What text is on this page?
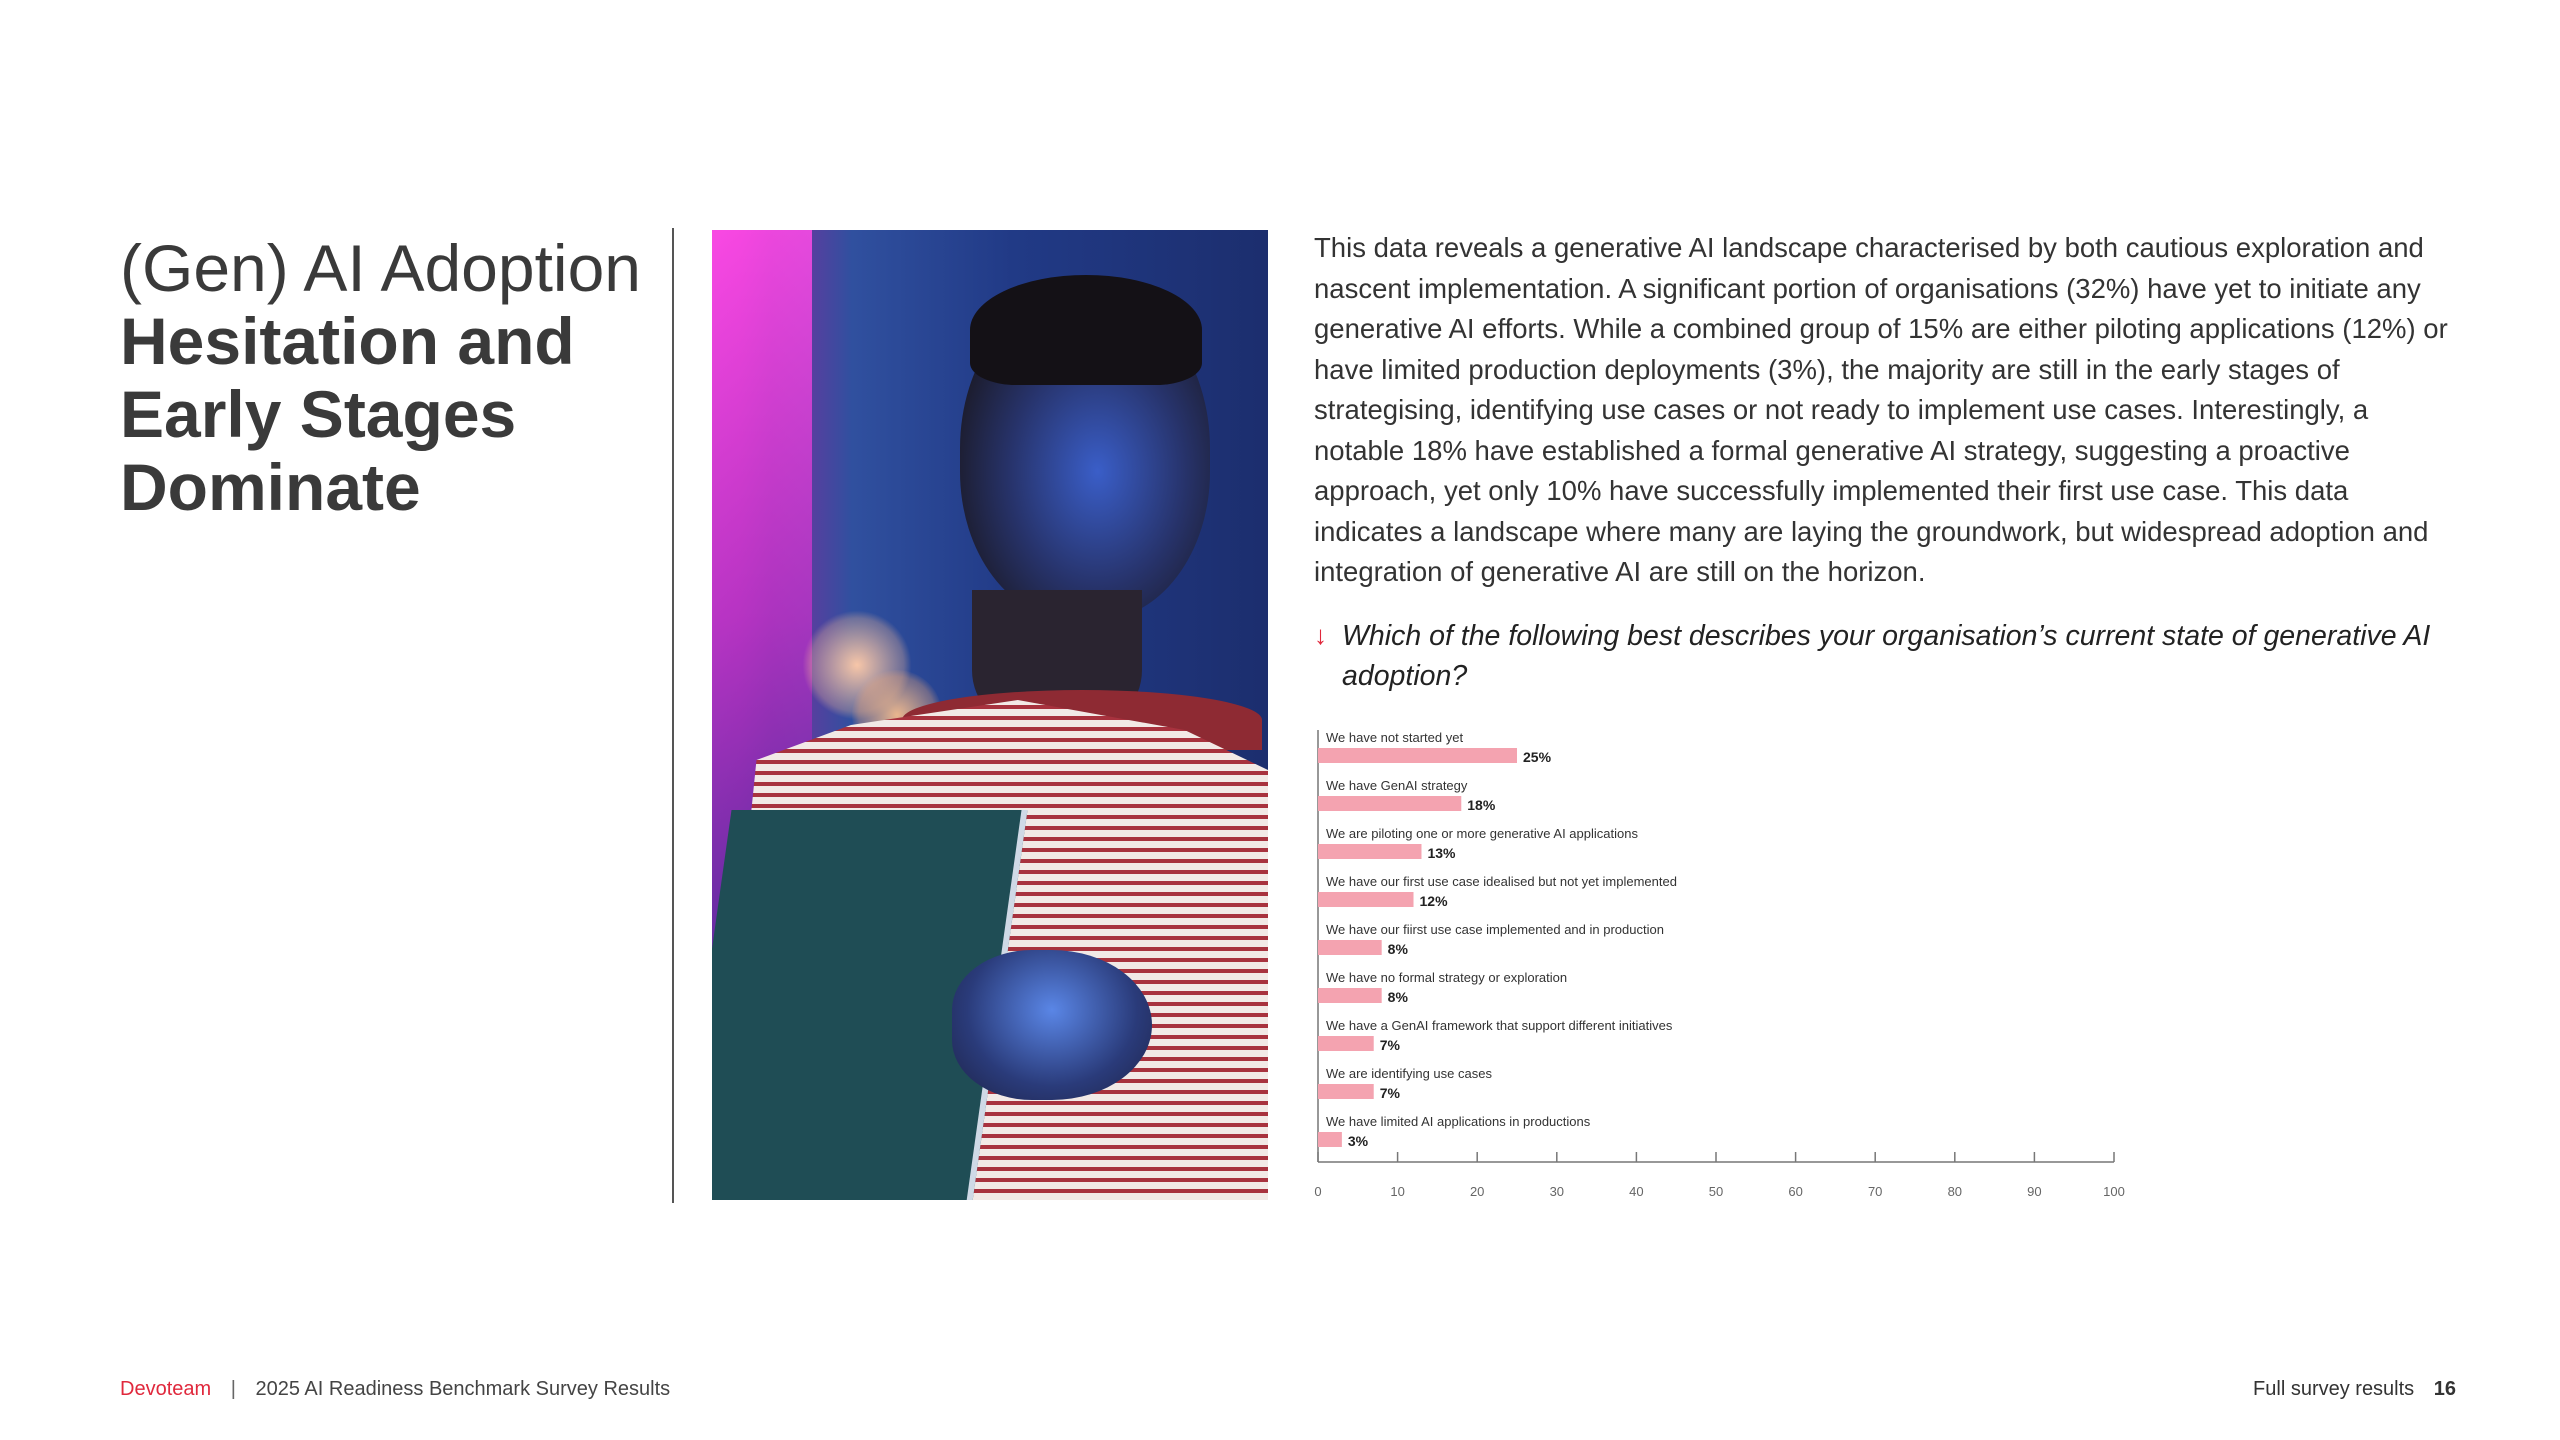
(Gen) AI Adoption
Hesitation and
Early Stages
Dominate
This data reveals a generative AI landscape characterised by both cautious exploration and nascent implementation. A significant portion of organisations (32%) have yet to initiate any generative AI efforts. While a combined group of 15% are either piloting applications (12%) or have limited production deployments (3%), the majority are still in the early stages of strategising, identifying use cases or not ready to implement use cases. Interestingly, a notable 18% have established a formal generative AI strategy, suggesting a proactive approach, yet only 10% have successfully implemented their first use case. This data indicates a landscape where many are laying the groundwork, but widespread adoption and integration of generative AI are still on the horizon.
↓ Which of the following best describes your organisation’s current state of generative AI adoption?
We have not started yet
25%
We have GenAI strategy
18%
We are piloting one or more generative AI applications
13%
We have our first use case idealised but not yet implemented
12%
We have our fiirst use case implemented and in production
8%
We have no formal strategy or exploration
8%
We have a GenAI framework that support different initiatives
7%
We are identifying use cases
7%
We have limited AI applications in productions
3%
0	10	20	30	40	50	60	70	80	90	100
Devoteam | 2025 AI Readiness Benchmark Survey Results	Full survey results 16
